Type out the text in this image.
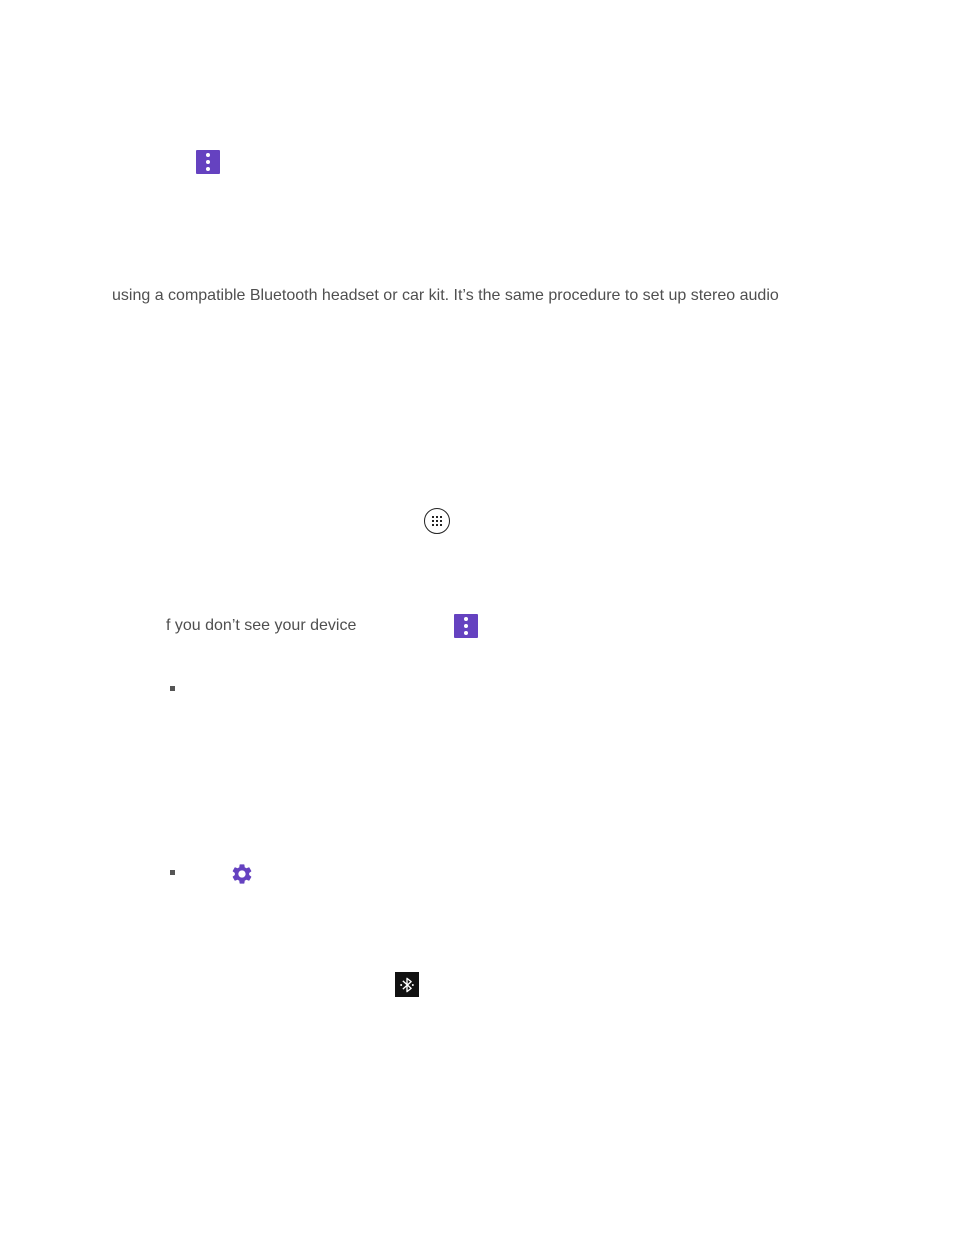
using a compatible Bluetooth headset or car kit. It’s the same procedure to set up stereo audio
f you don’t see your device
